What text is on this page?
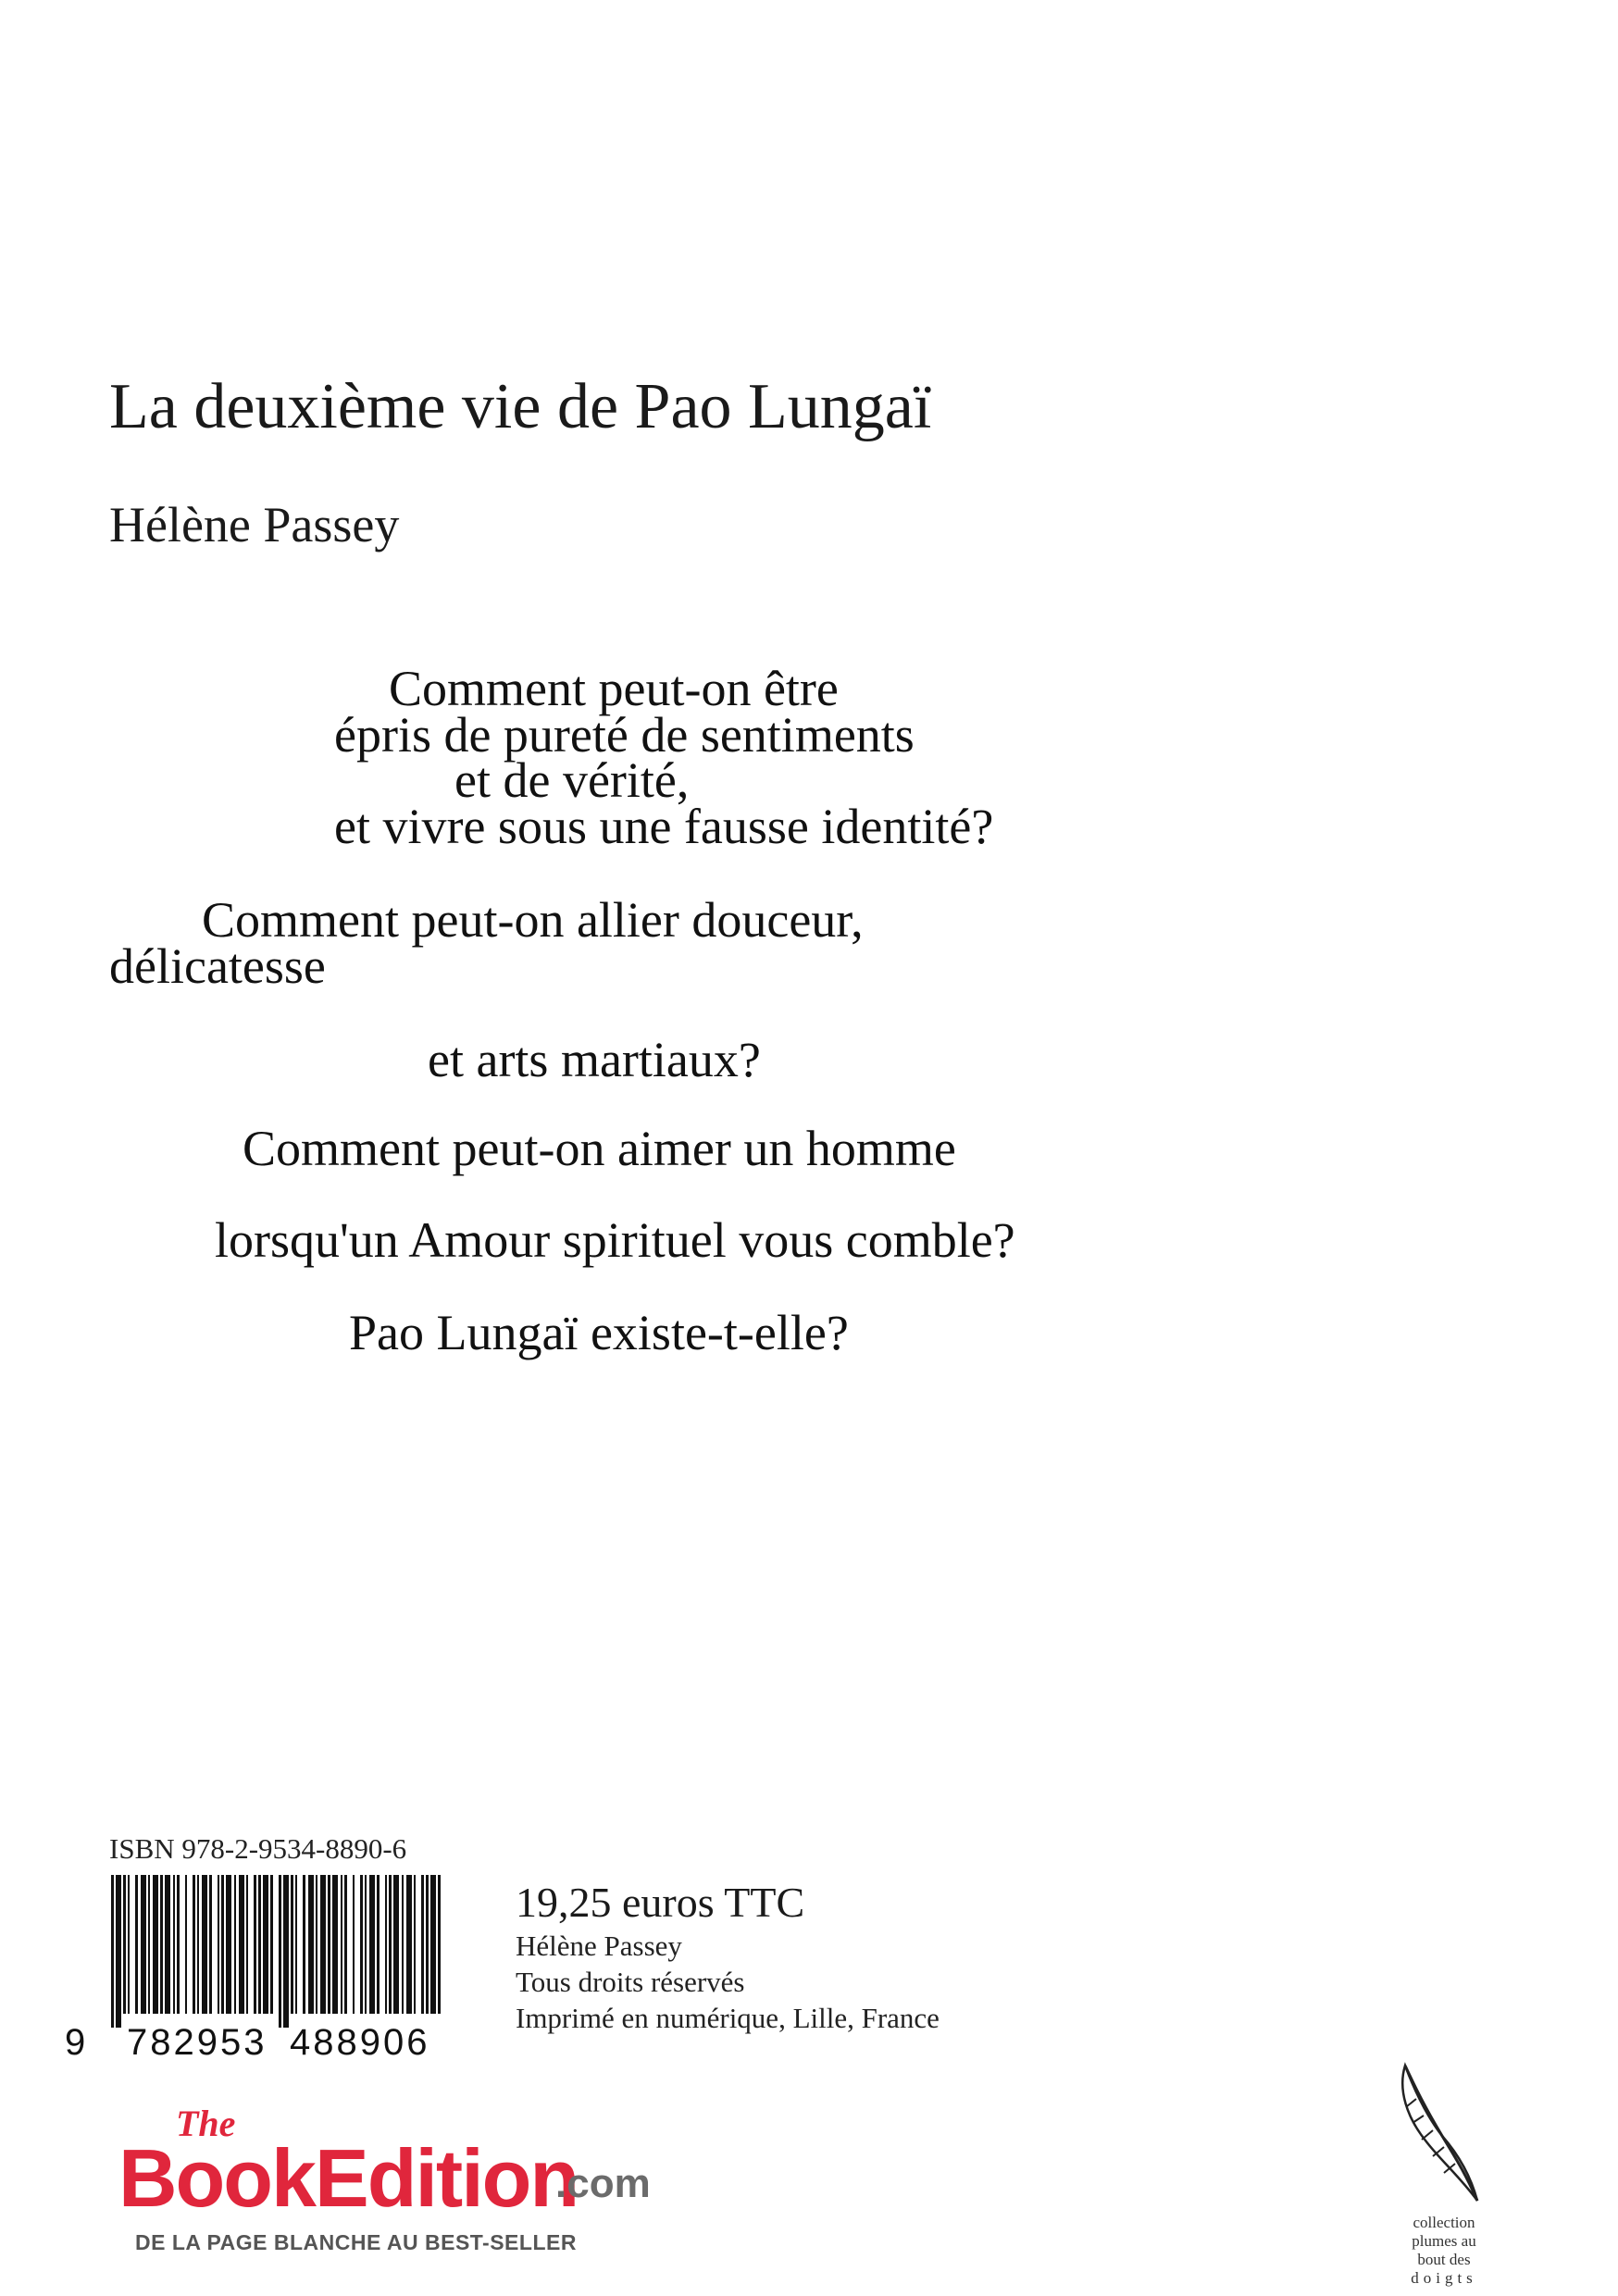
La deuxième vie de Pao Lungaï
Hélène Passey
Comment peut-on être
épris de pureté de sentiments
et de vérité,
et vivre sous une fausse identité?
Comment peut-on allier douceur,
délicatesse
et arts martiaux?
Comment peut-on aimer un homme
lorsqu'un Amour spirituel vous comble?
Pao Lungaï existe-t-elle?
ISBN 978-2-9534-8890-6
9 782953 488906
19,25 euros TTC
Hélène Passey
Tous droits réservés
Imprimé en numérique, Lille, France
The
BookEdition
.com
DE LA PAGE BLANCHE AU BEST-SELLER
collection
plumes au
bout des
doigts
